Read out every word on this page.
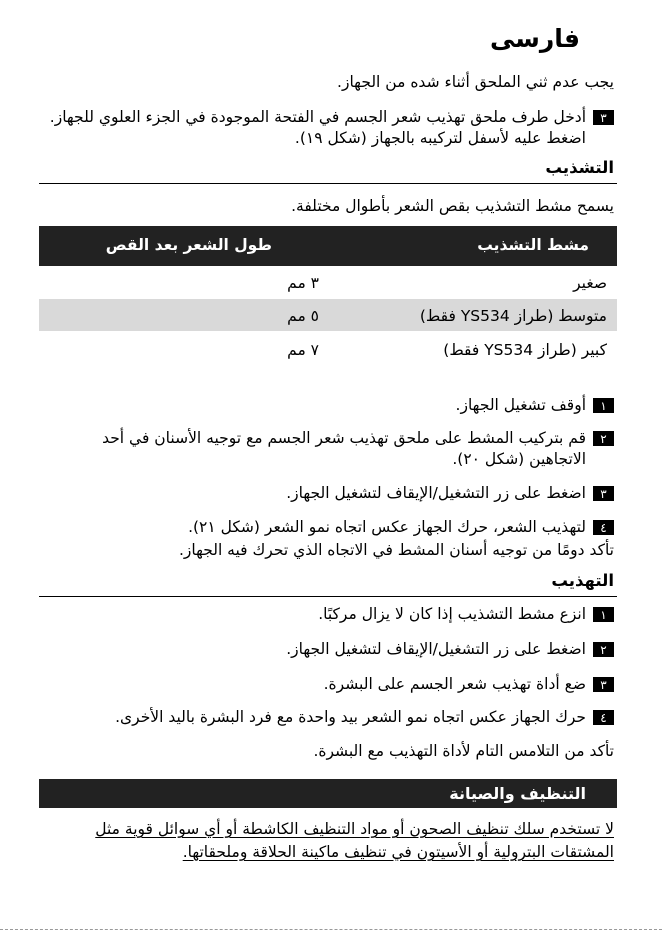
فارسی
یجب عدم ثني الملحق أثناء شده من الجهاز.
٣
أدخل طرف ملحق تهذیب شعر الجسم في الفتحة الموجودة في الجزء العلوي للجهاز.
اضغط علیه لأسفل لتركیبه بالجهاز (شكل ١٩).
التشذیب
یسمح مشط التشذیب بقص الشعر بأطوال مختلفة.
مشط التشذیب
طول الشعر بعد القص
صغیر
٣ مم
متوسط (طراز YS534 فقط)
٥ مم
كبیر (طراز YS534 فقط)
٧ مم
١
أوقف تشغیل الجهاز.
٢
قم بتركیب المشط على ملحق تهذیب شعر الجسم مع توجیه الأسنان في أحد
الاتجاهین (شكل ٢٠).
٣
اضغط على زر التشغیل/الإیقاف لتشغیل الجهاز.
٤
لتهذیب الشعر، حرك الجهاز عكس اتجاه نمو الشعر (شكل ٢١).
تأكد دومًا من توجیه أسنان المشط في الاتجاه الذي تحرك فیه الجهاز.
التهذیب
١
انزع مشط التشذیب إذا كان لا یزال مركبًا.
٢
اضغط على زر التشغیل/الإیقاف لتشغیل الجهاز.
٣
ضع أداة تهذیب شعر الجسم على البشرة.
٤
حرك الجهاز عكس اتجاه نمو الشعر بید واحدة مع فرد البشرة بالید الأخرى.
تأكد من التلامس التام لأداة التهذیب مع البشرة.
التنظیف والصیانة
لا تستخدم سلك تنظیف الصحون أو مواد التنظیف الكاشطة أو أي سوائل قویة مثل
المشتقات البترولیة أو الأسیتون في تنظیف ماكینة الحلاقة وملحقاتها.
